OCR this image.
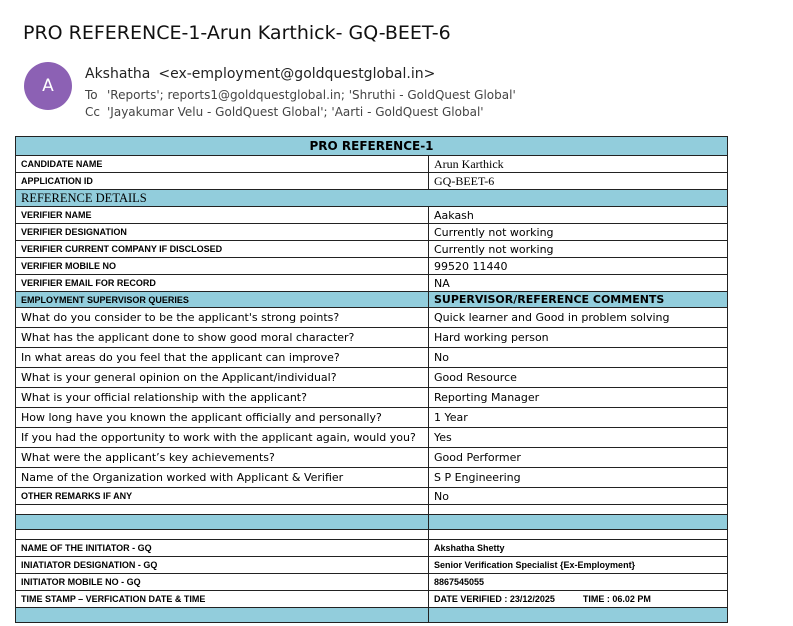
PRO REFERENCE-1-Arun Karthick- GQ-BEET-6
A
Akshatha <ex-employment@goldquestglobal.in>
To 'Reports'; reports1@goldquestglobal.in; 'Shruthi - GoldQuest Global'
Cc 'Jayakumar Velu - GoldQuest Global'; 'Aarti - GoldQuest Global'
PRO REFERENCE-1	
CANDIDATE NAME	Arun Karthick
APPLICATION ID	GQ-BEET-6
REFERENCE DETAILS	
VERIFIER NAME	Aakash
VERIFIER DESIGNATION	Currently not working
VERIFIER CURRENT COMPANY IF DISCLOSED	Currently not working
VERIFIER MOBILE NO	99520 11440
VERIFIER EMAIL FOR RECORD	NA
EMPLOYMENT SUPERVISOR QUERIES	SUPERVISOR/REFERENCE COMMENTS
What do you consider to be the applicant's strong points?	Quick learner and Good in problem solving
What has the applicant done to show good moral character?	Hard working person
In what areas do you feel that the applicant can improve?	No
What is your general opinion on the Applicant/individual?	Good Resource
What is your official relationship with the applicant?	Reporting Manager
How long have you known the applicant officially and personally?	1 Year
If you had the opportunity to work with the applicant again, would you?	Yes
What were the applicant’s key achievements?	Good Performer
Name of the Organization worked with Applicant & Verifier	S P Engineering
OTHER REMARKS IF ANY	No

NAME OF THE INITIATOR - GQ	Akshatha Shetty
INIATIATOR DESIGNATION - GQ	Senior Verification Specialist {Ex-Employment}
INITIATOR MOBILE NO - GQ	8867545055
TIME STAMP – VERFICATION DATE & TIME	DATE VERIFIED : 23/12/2025 TIME : 06.02 PM
